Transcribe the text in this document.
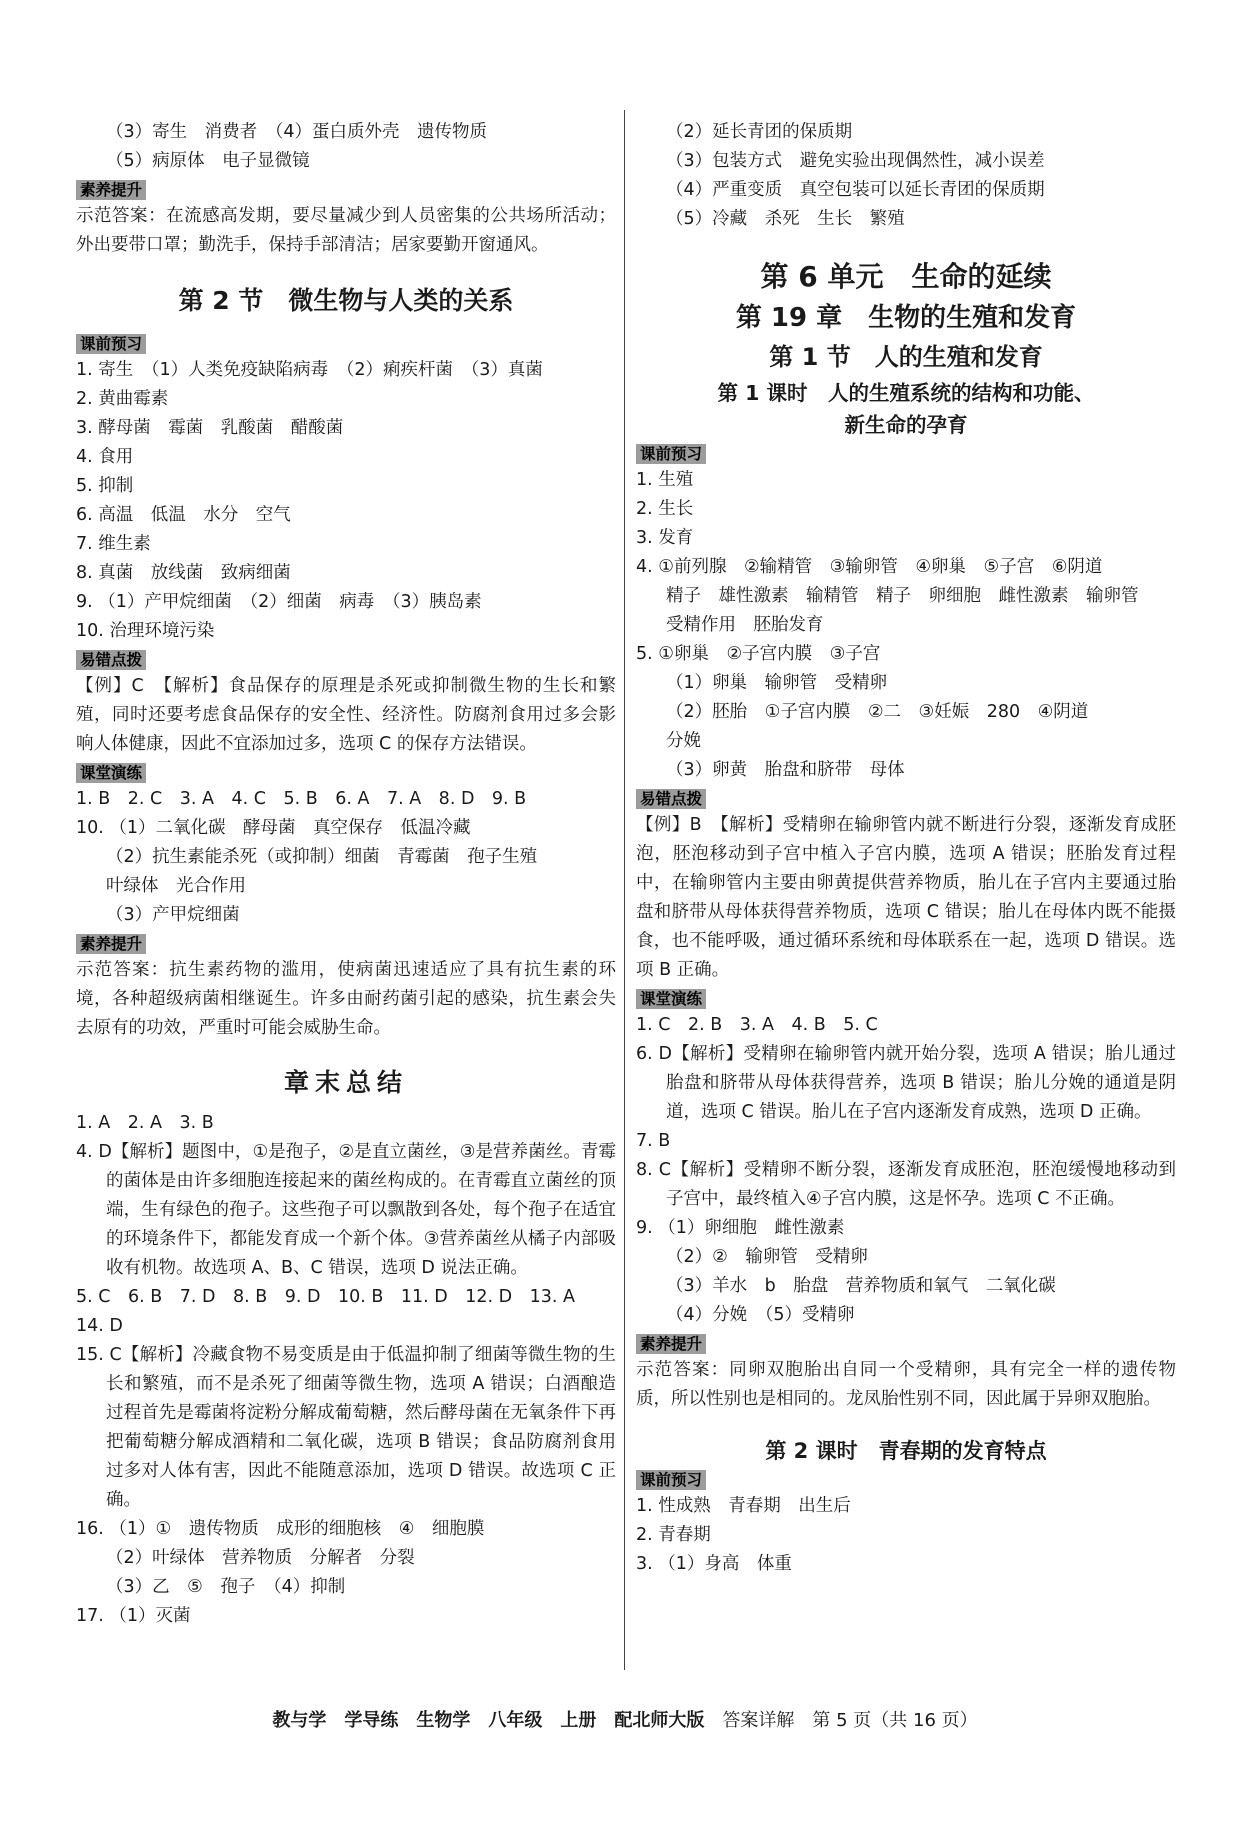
（3）寄生　消费者　（4）蛋白质外壳　遗传物质
（5）病原体　电子显微镜
素养提升
示范答案：在流感高发期，要尽量减少到人员密集的公共场所活动；外出要带口罩；勤洗手，保持手部清洁；居家要勤开窗通风。
第 2 节　微生物与人类的关系
课前预习
1. 寄生　（1）人类免疫缺陷病毒　（2）痢疾杆菌　（3）真菌
2. 黄曲霉素
3. 酵母菌　霉菌　乳酸菌　醋酸菌
4. 食用
5. 抑制
6. 高温　低温　水分　空气
7. 维生素
8. 真菌　放线菌　致病细菌
9. （1）产甲烷细菌　（2）细菌　病毒　（3）胰岛素
10. 治理环境污染
易错点拨
【例】C　【解析】食品保存的原理是杀死或抑制微生物的生长和繁殖，同时还要考虑食品保存的安全性、经济性。防腐剂食用过多会影响人体健康，因此不宜添加过多，选项 C 的保存方法错误。
课堂演练
1. B　2. C　3. A　4. C　5. B　6. A　7. A　8. D　9. B
10. （1）二氧化碳　酵母菌　真空保存　低温冷藏
（2）抗生素能杀死（或抑制）细菌　青霉菌　孢子生殖
叶绿体　光合作用
（3）产甲烷细菌
素养提升
示范答案：抗生素药物的滥用，使病菌迅速适应了具有抗生素的环境，各种超级病菌相继诞生。许多由耐药菌引起的感染，抗生素会失去原有的功效，严重时可能会威胁生命。
章末总结
1. A　2. A　3. B
4. D【解析】题图中，①是孢子，②是直立菌丝，③是营养菌丝。青霉的菌体是由许多细胞连接起来的菌丝构成的。在青霉直立菌丝的顶端，生有绿色的孢子。这些孢子可以飘散到各处，每个孢子在适宜的环境条件下，都能发育成一个新个体。③营养菌丝从橘子内部吸收有机物。故选项 A、B、C 错误，选项 D 说法正确。
5. C　6. B　7. D　8. B　9. D　10. B　11. D　12. D　13. A
14. D
15. C【解析】冷藏食物不易变质是由于低温抑制了细菌等微生物的生长和繁殖，而不是杀死了细菌等微生物，选项 A 错误；白酒酿造过程首先是霉菌将淀粉分解成葡萄糖，然后酵母菌在无氧条件下再把葡萄糖分解成酒精和二氧化碳，选项 B 错误；食品防腐剂食用过多对人体有害，因此不能随意添加，选项 D 错误。故选项 C 正确。
16. （1）①　遗传物质　成形的细胞核　④　细胞膜
（2）叶绿体　营养物质　分解者　分裂
（3）乙　⑤　孢子　（4）抑制
17. （1）灭菌
（2）延长青团的保质期
（3）包装方式　避免实验出现偶然性，减小误差
（4）严重变质　真空包装可以延长青团的保质期
（5）冷藏　杀死　生长　繁殖
第 6 单元　生命的延续
第 19 章　生物的生殖和发育
第 1 节　人的生殖和发育
第 1 课时　人的生殖系统的结构和功能、
新生命的孕育
课前预习
1. 生殖
2. 生长
3. 发育
4. ①前列腺　②输精管　③输卵管　④卵巢　⑤子宫　⑥阴道
精子　雄性激素　输精管　精子　卵细胞　雌性激素　输卵管
受精作用　胚胎发育
5. ①卵巢　②子宫内膜　③子宫
（1）卵巢　输卵管　受精卵
（2）胚胎　①子宫内膜　②二　③妊娠　280　④阴道
分娩
（3）卵黄　胎盘和脐带　母体
易错点拨
【例】B　【解析】受精卵在输卵管内就不断进行分裂，逐渐发育成胚泡，胚泡移动到子宫中植入子宫内膜，选项 A 错误；胚胎发育过程中，在输卵管内主要由卵黄提供营养物质，胎儿在子宫内主要通过胎盘和脐带从母体获得营养物质，选项 C 错误；胎儿在母体内既不能摄食，也不能呼吸，通过循环系统和母体联系在一起，选项 D 错误。选项 B 正确。
课堂演练
1. C　2. B　3. A　4. B　5. C
6. D【解析】受精卵在输卵管内就开始分裂，选项 A 错误；胎儿通过胎盘和脐带从母体获得营养，选项 B 错误；胎儿分娩的通道是阴道，选项 C 错误。胎儿在子宫内逐渐发育成熟，选项 D 正确。
7. B
8. C【解析】受精卵不断分裂，逐渐发育成胚泡，胚泡缓慢地移动到子宫中，最终植入④子宫内膜，这是怀孕。选项 C 不正确。
9. （1）卵细胞　雌性激素
（2）②　输卵管　受精卵
（3）羊水　b　胎盘　营养物质和氧气　二氧化碳
（4）分娩　（5）受精卵
素养提升
示范答案：同卵双胞胎出自同一个受精卵，具有完全一样的遗传物质，所以性别也是相同的。龙凤胎性别不同，因此属于异卵双胞胎。
第 2 课时　青春期的发育特点
课前预习
1. 性成熟　青春期　出生后
2. 青春期
3. （1）身高　体重
教与学　学导练　生物学　八年级　上册　配北师大版　答案详解　第 5 页（共 16 页）
